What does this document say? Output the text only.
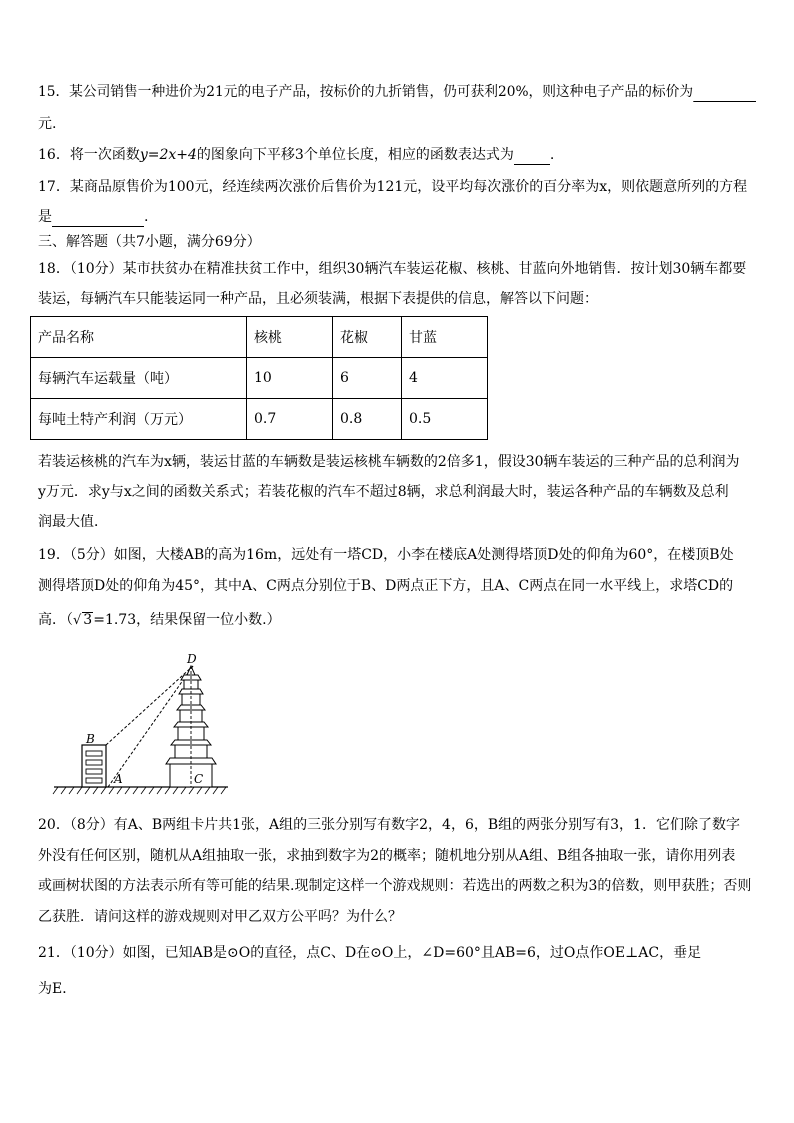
15．某公司销售一种进价为21元的电子产品，按标价的九折销售，仍可获利20%，则这种电子产品的标价为
元.
16．将一次函数y=2x+4的图象向下平移3个单位长度，相应的函数表达式为	.
17．某商品原售价为100元，经连续两次涨价后售价为121元，设平均每次涨价的百分率为x，则依题意所列的方程
是	.
三、解答题（共7小题，满分69分）
18．（10分）某市扶贫办在精准扶贫工作中，组织30辆汽车装运花椒、核桃、甘蓝向外地销售．按计划30辆车都要
装运，每辆汽车只能装运同一种产品，且必须装满，根据下表提供的信息，解答以下问题：
产品名称	核桃	花椒	甘蓝
每辆汽车运载量（吨）	10	6	4
每吨土特产利润（万元）	0.7	0.8	0.5
若装运核桃的汽车为x辆，装运甘蓝的车辆数是装运核桃车辆数的2倍多1，假设30辆车装运的三种产品的总利润为
y万元．求y与x之间的函数关系式；若装花椒的汽车不超过8辆，求总利润最大时，装运各种产品的车辆数及总利
润最大值．
19．（5分）如图，大楼AB的高为16m，远处有一塔CD，小李在楼底A处测得塔顶D处的仰角为60°，在楼顶B处
测得塔顶D处的仰角为45°，其中A、C两点分别位于B、D两点正下方，且A、C两点在同一水平线上，求塔CD的
高．（√ 3=1.73，结果保留一位小数.）
D
B
A	C
20．（8分）有A、B两组卡片共1张，A组的三张分别写有数字2，4，6，B组的两张分别写有3，1．它们除了数字
外没有任何区别，随机从A组抽取一张，求抽到数字为2的概率；随机地分别从A组、B组各抽取一张，请你用列表
或画树状图的方法表示所有等可能的结果.现制定这样一个游戏规则：若选出的两数之积为3的倍数，则甲获胜；否则
乙获胜．请问这样的游戏规则对甲乙双方公平吗？为什么？
21．（10分）如图，已知AB是⊙O的直径，点C、D在⊙O上，∠D=60°且AB=6，过O点作OE⊥AC，垂足
为E．
